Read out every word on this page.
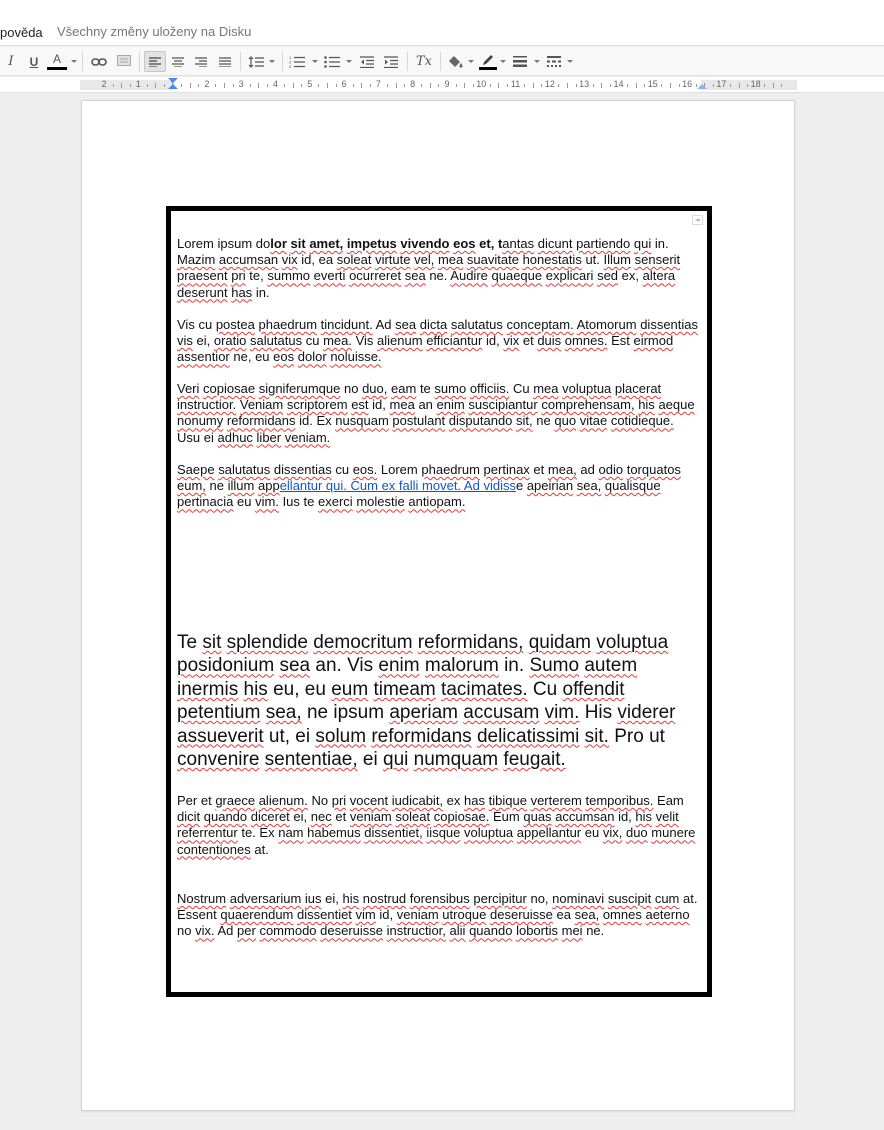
pověda Všechny změny uloženy na Disku
I	U	A	1
2
3	Tx
2	1	1	2	3	4	5	6	7	8	9	10	11	12	13	14	15	16	17	18
Lorem ipsum dolor sit amet, impetus vivendo eos et, tantas dicunt partiendo qui in. Mazim accumsan vix id, ea soleat virtute vel, mea suavitate honestatis ut. Illum senserit praesent pri te, summo everti ocurreret sea ne. Audire quaeque explicari sed ex, altera deserunt has in.
Vis cu postea phaedrum tincidunt. Ad sea dicta salutatus conceptam. Atomorum dissentias vis ei, oratio salutatus cu mea. Vis alienum efficiantur id, vix et duis omnes. Est eirmod assentior ne, eu eos dolor noluisse.
Veri copiosae signiferumque no duo, eam te sumo officiis. Cu mea voluptua placerat instructior. Veniam scriptorem est id, mea an enim suscipiantur comprehensam, his aeque nonumy reformidans id. Ex nusquam postulant disputando sit, ne quo vitae cotidieque. Usu ei adhuc liber veniam.
Saepe salutatus dissentias cu eos. Lorem phaedrum pertinax et mea, ad odio torquatos eum, ne illum appellantur qui. Cum ex falli movet. Ad vidisse apeirian sea, qualisque pertinacia eu vim. Ius te exerci molestie antiopam.
Te sit splendide democritum reformidans, quidam voluptua posidonium sea an. Vis enim malorum in. Sumo autem inermis his eu, eu eum timeam tacimates. Cu offendit petentium sea, ne ipsum aperiam accusam vim. His viderer assueverit ut, ei solum reformidans delicatissimi sit. Pro ut convenire sententiae, ei qui numquam feugait.
Per et graece alienum. No pri vocent iudicabit, ex has tibique verterem temporibus. Eam dicit quando diceret ei, nec et veniam soleat copiosae. Eum quas accumsan id, his velit referrentur te. Ex nam habemus dissentiet, iisque voluptua appellantur eu vix, duo munere contentiones at.
Nostrum adversarium ius ei, his nostrud forensibus percipitur no, nominavi suscipit cum at. Essent quaerendum dissentiet vim id, veniam utroque deseruisse ea sea, omnes aeterno no vix. Ad per commodo deseruisse instructior, alii quando lobortis mei ne.
